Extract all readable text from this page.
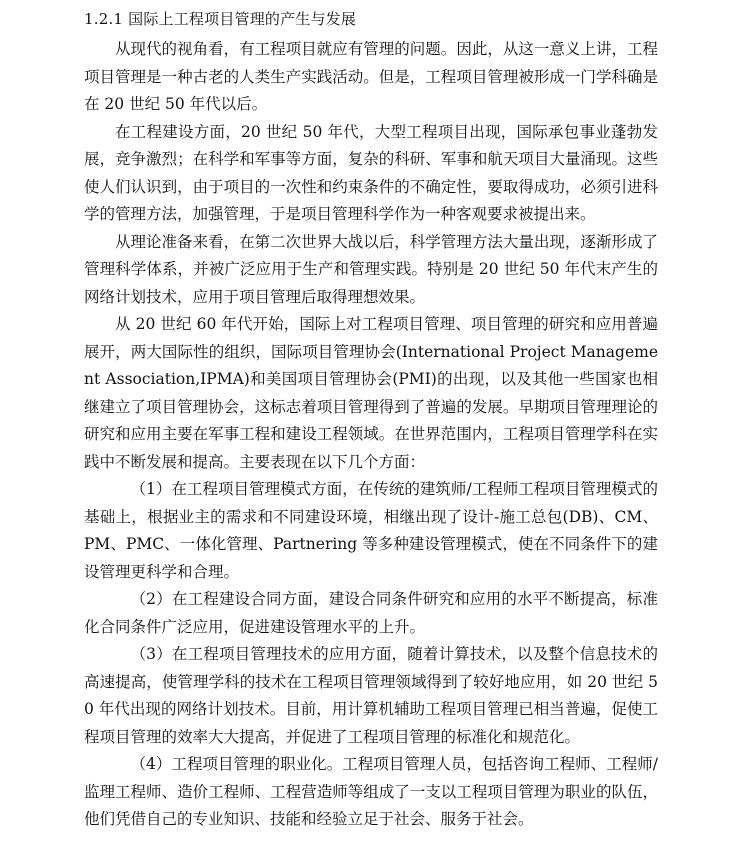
1.2.1 国际上工程项目管理的产生与发展

从现代的视角看，有工程项目就应有管理的问题。因此，从这一意义上讲，工程项目管理是一种古老的人类生产实践活动。但是，工程项目管理被形成一门学科确是在 20 世纪 50 年代以后。

在工程建设方面，20 世纪 50 年代，大型工程项目出现，国际承包事业蓬勃发展，竞争激烈；在科学和军事等方面，复杂的科研、军事和航天项目大量涌现。这些使人们认识到，由于项目的一次性和约束条件的不确定性，要取得成功，必须引进科学的管理方法，加强管理，于是项目管理科学作为一种客观要求被提出来。

从理论准备来看，在第二次世界大战以后，科学管理方法大量出现，逐渐形成了管理科学体系，并被广泛应用于生产和管理实践。特别是 20 世纪 50 年代末产生的网络计划技术，应用于项目管理后取得理想效果。

从 20 世纪 60 年代开始，国际上对工程项目管理、项目管理的研究和应用普遍展开，两大国际性的组织，国际项目管理协会(International Project Management Association,IPMA)和美国项目管理协会(PMI)的出现，以及其他一些国家也相继建立了项目管理协会，这标志着项目管理得到了普遍的发展。早期项目管理理论的研究和应用主要在军事工程和建设工程领域。在世界范围内，工程项目管理学科在实践中不断发展和提高。主要表现在以下几个方面：

（1）在工程项目管理模式方面，在传统的建筑师/工程师工程项目管理模式的基础上，根据业主的需求和不同建设环境，相继出现了设计-施工总包(DB)、CM、PM、PMC、一体化管理、Partnering 等多种建设管理模式，使在不同条件下的建设管理更科学和合理。

（2）在工程建设合同方面，建设合同条件研究和应用的水平不断提高，标准化合同条件广泛应用，促进建设管理水平的上升。

（3）在工程项目管理技术的应用方面，随着计算技术，以及整个信息技术的高速提高，使管理学科的技术在工程项目管理领域得到了较好地应用，如 20 世纪 50 年代出现的网络计划技术。目前，用计算机辅助工程项目管理已相当普遍，促使工程项目管理的效率大大提高，并促进了工程项目管理的标准化和规范化。

（4）工程项目管理的职业化。工程项目管理人员，包括咨询工程师、工程师/监理工程师、造价工程师、工程营造师等组成了一支以工程项目管理为职业的队伍，他们凭借自己的专业知识、技能和经验立足于社会、服务于社会。
